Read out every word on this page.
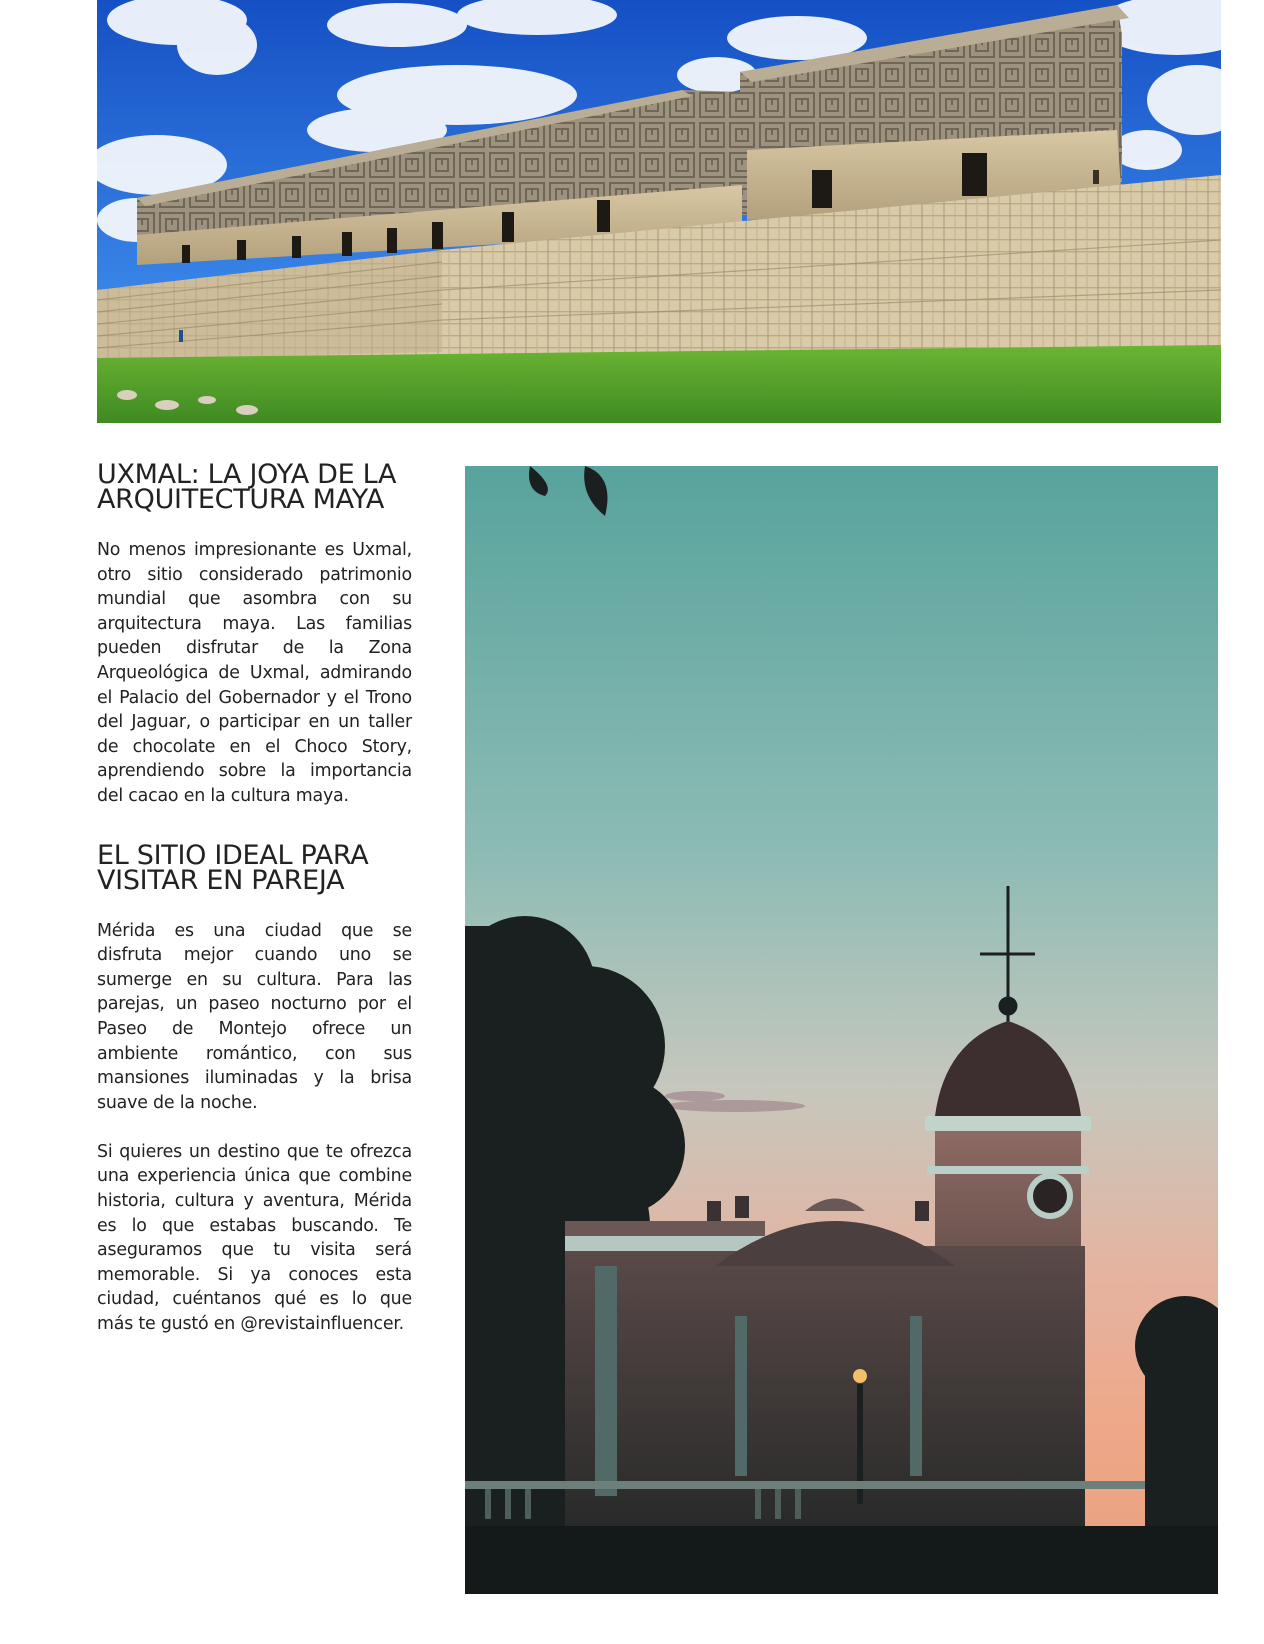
UXMAL: LA JOYA DE LA ARQUITECTURA MAYA

No menos impresionante es Uxmal, otro sitio considerado patrimonio mundial que asombra con su arquitectura maya. Las familias pueden disfrutar de la Zona Arqueológica de Uxmal, admirando el Palacio del Gobernador y el Trono del Jaguar, o participar en un taller de chocolate en el Choco Story, aprendiendo sobre la importancia del cacao en la cultura maya.

EL SITIO IDEAL PARA VISITAR EN PAREJA

Mérida es una ciudad que se disfruta mejor cuando uno se sumerge en su cultura. Para las parejas, un paseo nocturno por el Paseo de Montejo ofrece un ambiente romántico, con sus mansiones iluminadas y la brisa suave de la noche.

Si quieres un destino que te ofrezca una experiencia única que combine historia, cultura y aventura, Mérida es lo que estabas buscando. Te aseguramos que tu visita será memorable. Si ya conoces esta ciudad, cuéntanos qué es lo que más te gustó en @revistainfluencer.
